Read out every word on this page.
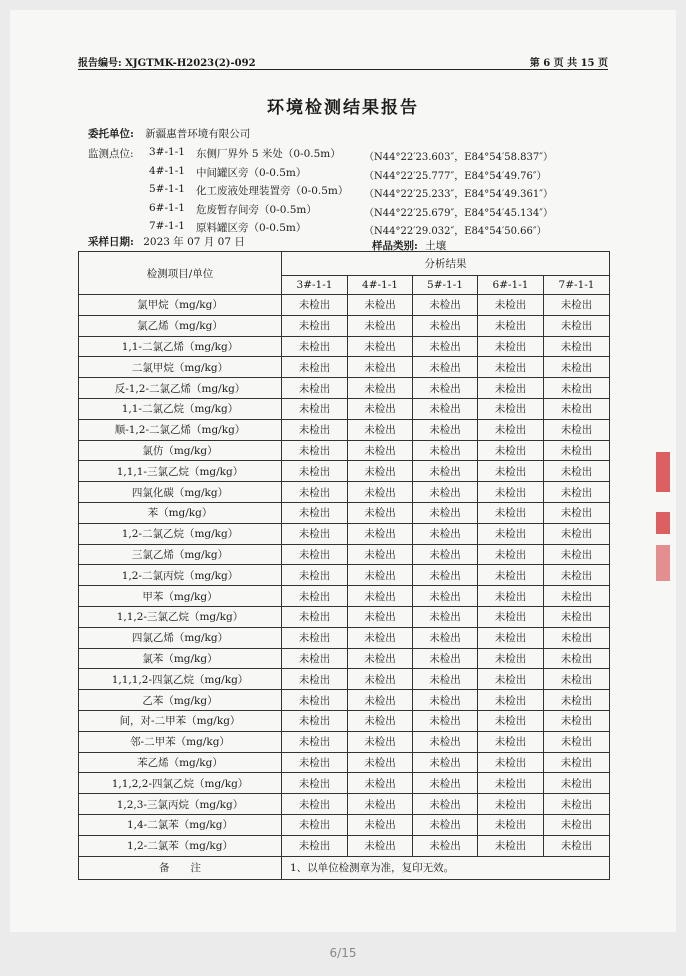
报告编号: XJGTMK-H2023(2)-092	第 6 页 共 15 页
环境检测结果报告
委托单位: 新疆惠普环境有限公司
监测点位: 3#-1-1 东侧厂界外 5 米处（0-0.5m） （N44°22′23.603″，E84°54′58.837″）
4#-1-1 中间罐区旁（0-0.5m）	（N44°22′25.777″，E84°54′49.76″）
5#-1-1 化工废液处理装置旁（0-0.5m） （N44°22′25.233″，E84°54′49.361″）
6#-1-1 危废暂存间旁（0-0.5m）	（N44°22′25.679″，E84°54′45.134″）
7#-1-1 原料罐区旁（0-0.5m）	（N44°22′29.032″，E84°54′50.66″）
采样日期: 2023 年 07 月 07 日	样品类别: 土壤
检测项目/单位	分析结果				
	3#-1-1	4#-1-1	5#-1-1	6#-1-1	7#-1-1
氯甲烷（mg/kg）	未检出	未检出	未检出	未检出	未检出
氯乙烯（mg/kg）	未检出	未检出	未检出	未检出	未检出
1,1-二氯乙烯（mg/kg）	未检出	未检出	未检出	未检出	未检出
二氯甲烷（mg/kg）	未检出	未检出	未检出	未检出	未检出
反-1,2-二氯乙烯（mg/kg）	未检出	未检出	未检出	未检出	未检出
1,1-二氯乙烷（mg/kg）	未检出	未检出	未检出	未检出	未检出
顺-1,2-二氯乙烯（mg/kg）	未检出	未检出	未检出	未检出	未检出
氯仿（mg/kg）	未检出	未检出	未检出	未检出	未检出
1,1,1-三氯乙烷（mg/kg）	未检出	未检出	未检出	未检出	未检出
四氯化碳（mg/kg）	未检出	未检出	未检出	未检出	未检出
苯（mg/kg）	未检出	未检出	未检出	未检出	未检出
1,2-二氯乙烷（mg/kg）	未检出	未检出	未检出	未检出	未检出
三氯乙烯（mg/kg）	未检出	未检出	未检出	未检出	未检出
1,2-二氯丙烷（mg/kg）	未检出	未检出	未检出	未检出	未检出
甲苯（mg/kg）	未检出	未检出	未检出	未检出	未检出
1,1,2-三氯乙烷（mg/kg）	未检出	未检出	未检出	未检出	未检出
四氯乙烯（mg/kg）	未检出	未检出	未检出	未检出	未检出
氯苯（mg/kg）	未检出	未检出	未检出	未检出	未检出
1,1,1,2-四氯乙烷（mg/kg）	未检出	未检出	未检出	未检出	未检出
乙苯（mg/kg）	未检出	未检出	未检出	未检出	未检出
间，对-二甲苯（mg/kg）	未检出	未检出	未检出	未检出	未检出
邻-二甲苯（mg/kg）	未检出	未检出	未检出	未检出	未检出
苯乙烯（mg/kg）	未检出	未检出	未检出	未检出	未检出
1,1,2,2-四氯乙烷（mg/kg）	未检出	未检出	未检出	未检出	未检出
1,2,3-三氯丙烷（mg/kg）	未检出	未检出	未检出	未检出	未检出
1,4-二氯苯（mg/kg）	未检出	未检出	未检出	未检出	未检出
1,2-二氯苯（mg/kg）	未检出	未检出	未检出	未检出	未检出
备　　注	1、以单位检测章为准，复印无效。				
6/15
